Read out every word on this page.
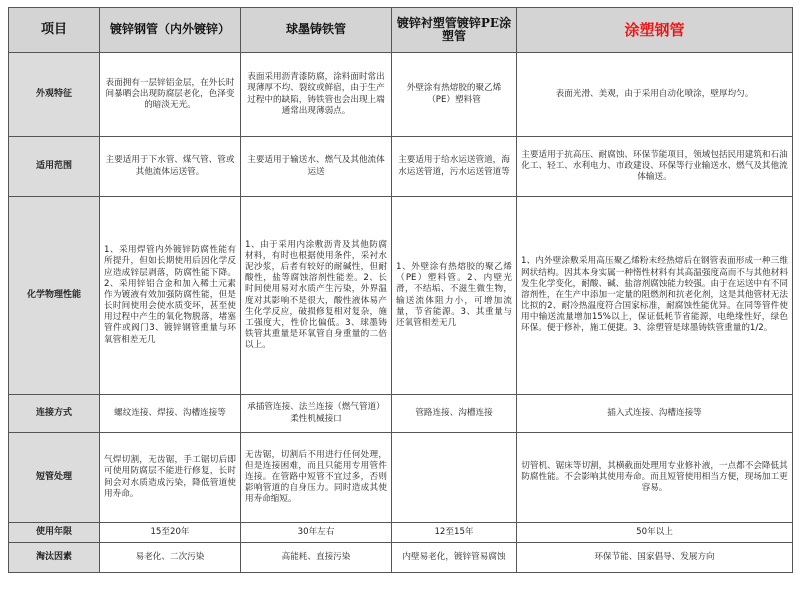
项目	镀锌钢管（内外镀锌）	球墨铸铁管	镀锌衬塑管镀锌PE涂塑管	涂塑钢管
外观特征	表面拥有一层锌铝金层，在外长时间暴晒会出现防腐层老化，色泽变的暗淡无光。	表面采用沥青漆防腐，涂料面时常出现薄厚不均、裂纹或鲜宿，由于生产过程中的缺陷，铸铁管也会出现上端通常出现薄弱点。	外壁涂有热熔胶的聚乙烯（PE）塑料管	表面光滑、美观，由于采用自动化喷涂，壁厚均匀。
适用范围	主要适用于下水管、煤气管、管或其他流体运送管。	主要适用于输送水、燃气及其他流体运送	主要适用于给水运送管道，海水运送管道，污水运送管道等	主要适用于抗高压、耐腐蚀、环保节能项目，领域包括民用建筑和石油化工、轻工、水利电力、市政建设、环保等行业输送水、燃气及其他流体输送。
化学物理性能	1、采用焊管内外镀锌防腐性能有所提升，但如长期使用后因化学反应造成锌层剥落，防腐性能下降。2、采用锌铝合金和加入稀土元素作为镀液有效加强防腐性能，但是长时间使用会使水质变坏，甚至使用过程中产生的氧化物脱落，堵塞管件或阀门3、镀锌钢管重量与环氧管相差无几	1、由于采用内涂敷沥青及其他防腐材料，有时也根据使用条件，采衬水泥沙浆，后者有较好的耐碱性，但耐酸性，盐等腐蚀溶剂性能差。2、长时间使用易对水质产生污染，外界温度对其影响不是很大，酸性液体易产生化学反应，破损修复相对复杂，施工强度大，性价比偏低。3、球墨铸铁管其重量是环氧管自身重量的二倍以上。	1、外壁涂有热熔胶的聚乙烯（PE）塑料管。2、内壁光滑，不结垢、不滋生微生物，输送流体阻力小，可增加流量，节省能源。3、其重量与还氧管相差无几	1、内外壁涂敷采用高压聚乙烯粉末经热熔后在钢管表面形成一种三维网状结构。因其本身实属一种惰性材料有其高温强度高而不与其他材料发生化学变化，耐酸、碱、盐溶剂腐蚀能力较强。由于在运送中有不同溶剂性，在生产中添加一定量的阻燃剂和抗老化剂，这是其他管材无法比拟的2、耐冷热温度符合国家标准，耐腐蚀性能优异。在同等管件使用中输送流量增加15%以上，保证低耗节省能源，电绝缘性好，绿色环保。便于修补，施工便捷。3、涂塑管是球墨铸铁管重量的1/2。
连接方式	螺纹连接、焊接、沟槽连接等	承插管连接、法兰连接（燃气管道）柔性机械接口	管路连接、沟槽连接	插入式连接、沟槽连接等
短管处理	气焊切割，无齿锯，手工锯切后即可使用防腐层不能进行修复，长时间会对水质造成污染，降低管道使用寿命。	无齿锯，切割后不用进行任何处理，但是连接困难，而且只能用专用管件连接。在管路中短管不宜过多，否则影响管道的自身压力。同时造成其使用寿命缩短。		切管机、锯床等切割，其横截面处理用专业修补液，一点都不会降低其防腐性能。不会影响其使用寿命。而且短管使用相当方便，现场加工更容易。
使用年限	15至20年	30年左右	12至15年	50年以上
淘汰因素	易老化、二次污染	高能耗、直接污染	内壁易老化，镀锌管易腐蚀	环保节能、国家倡导、发展方向
